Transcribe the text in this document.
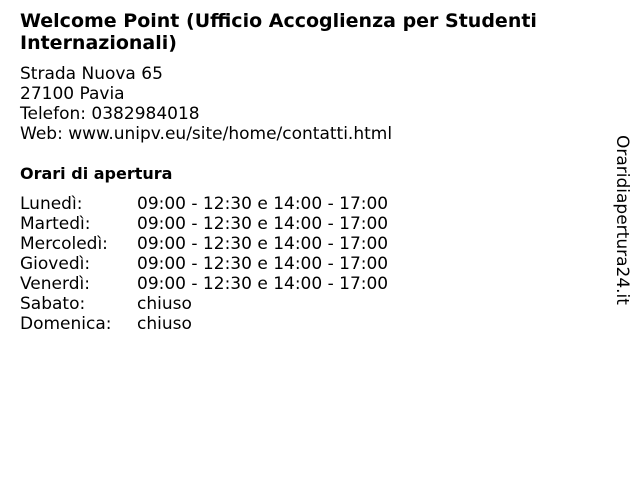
Welcome Point (Ufficio Accoglienza per Studenti Internazionali)
Strada Nuova 65
27100 Pavia
Telefon: 0382984018
Web: www.unipv.eu/site/home/contatti.html
Orari di apertura
Lunedì:	09:00 - 12:30 e 14:00 - 17:00
Martedì:	09:00 - 12:30 e 14:00 - 17:00
Mercoledì: 09:00 - 12:30 e 14:00 - 17:00
Giovedì:	09:00 - 12:30 e 14:00 - 17:00
Venerdì:	09:00 - 12:30 e 14:00 - 17:00
Sabato:	chiuso
Domenica: chiuso
Oraridiapertura24.it
